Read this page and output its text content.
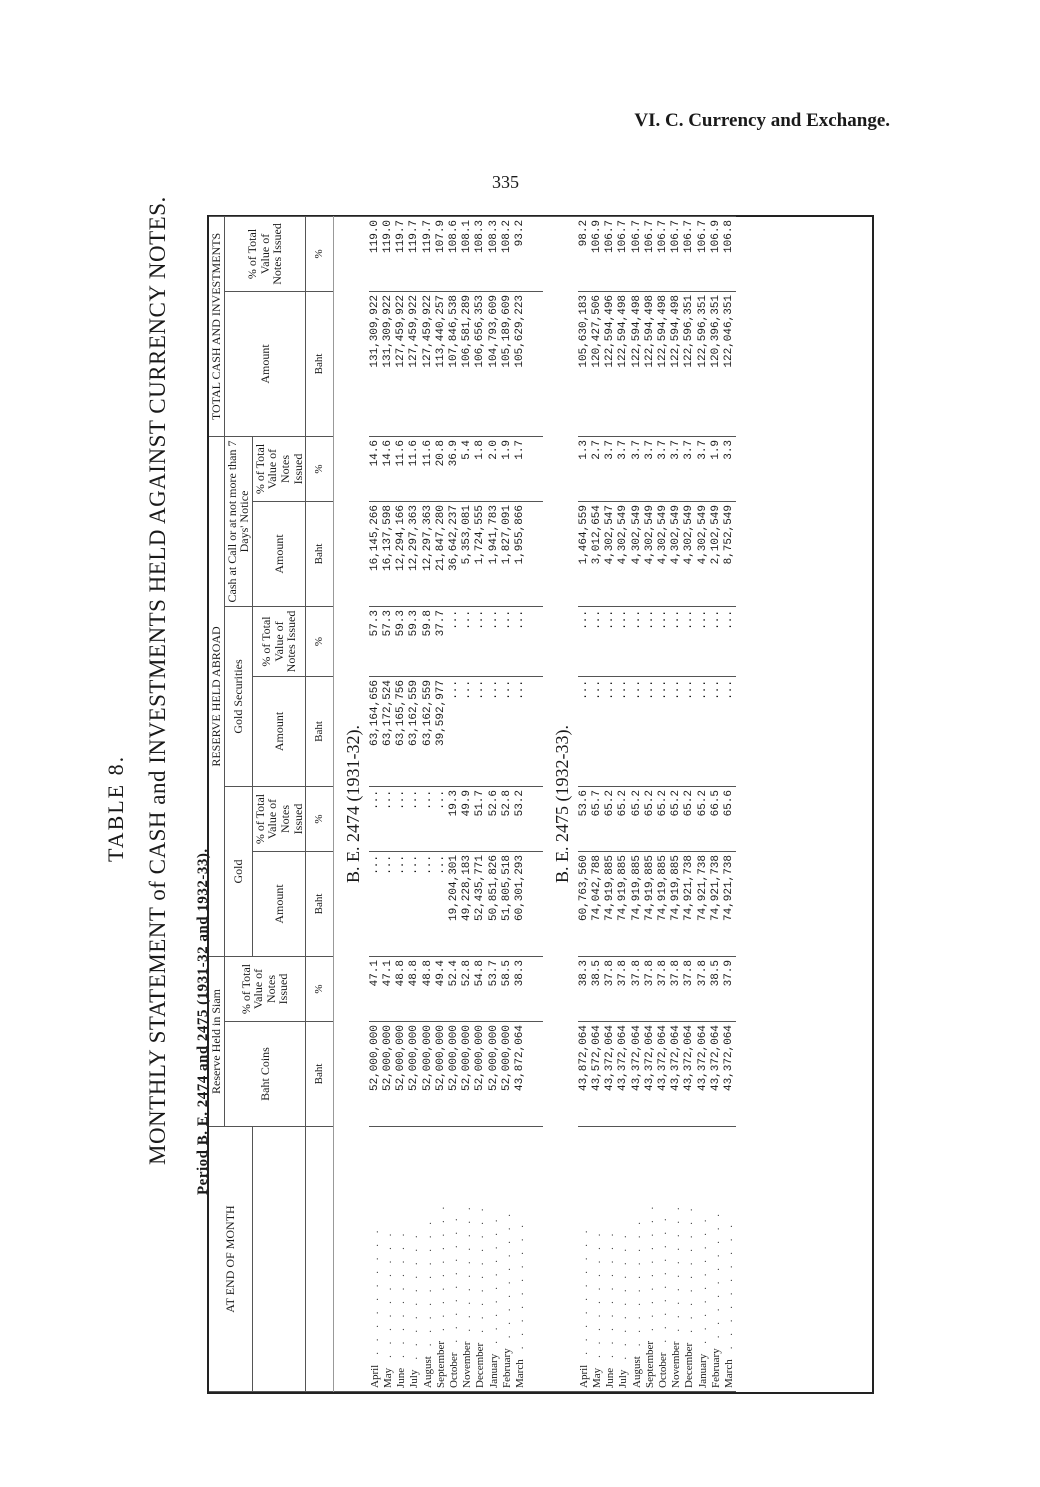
VI. C. Currency and Exchange.
335
TABLE 8. MONTHLY STATEMENT of CASH and INVESTMENTS HELD AGAINST CURRENCY NOTES. Period B. E. 2474 and 2475 (1931-32 and 1932-33).
AT END OF MONTH	Reserve Held in Siam		RESERVE HELD ABROAD						TOTAL CASH AND INVESTMENTS	
	Baht Coins	% of Total Value of Notes Issued	Gold		Gold Securities		Cash at Call or at not more than 7 Days' Notice		Amount	% of Total Value of Notes Issued
			Amount	% of Total Value of Notes Issued	Amount	% of Total Value of Notes Issued	Amount	% of Total Value of Notes Issued		
	Baht	%	Baht	%	Baht	%	Baht	%	Baht	%
B. E. 2474 (1931-32).										
April. . . . . . . . . .	52,000,000	47.1	...	...	63,164,656	57.3	16,145,266	14.6	131,309,922	119.0
May. . . . . . . . . .	52,000,000	47.1	...	...	63,172,524	57.3	16,137,598	14.6	131,309,922	119.0
June. . . . . . . . . .	52,000,000	48.8	...	...	63,165,756	59.3	12,294,166	11.6	127,459,922	119.7
July. . . . . . . . . .	52,000,000	48.8	...	...	63,162,559	59.3	12,297,363	11.6	127,459,922	119.7
August. . . . . . . . . .	52,000,000	48.8	...	...	63,162,559	59.8	12,297,363	11.6	127,459,922	119.7
September. . . . . . . . . .	52,000,000	49.4	...	...	39,592,977	37.7	21,847,280	20.8	113,440,257	107.9
October. . . . . . . . . .	52,000,000	52.4	19,204,301	19.3	...	...	36,642,237	36.9	107,846,538	108.6
November. . . . . . . . . .	52,000,000	52.8	49,228,183	49.9	...	...	5,353,081	5.4	106,581,289	108.1
December. . . . . . . . . .	52,000,000	54.8	52,435,771	51.7	...	...	1,724,555	1.8	106,656,353	108.3
January. . . . . . . . . .	52,000,000	53.7	50,851,826	52.6	...	...	1,941,783	2.0	104,793,609	108.3
February. . . . . . . . . .	52,000,000	58.5	51,805,518	52.8	...	...	1,827,091	1.9	105,189,609	108.2
March. . . . . . . . . .	43,872,064	38.3	60,301,293	53.2	...	...	1,955,866	1.7	105,629,223	93.2

B. E. 2475 (1932-33).										
April. . . . . . . . . .	43,872,064	38.3	60,763,560	53.6	...	...	1,464,559	1.3	105,630,183	98.2
May. . . . . . . . . .	43,572,064	38.5	74,042,788	65.7	...	...	3,012,654	2.7	120,427,506	106.9
June. . . . . . . . . .	43,372,064	37.8	74,919,885	65.2	...	...	4,302,547	3.7	122,594,496	106.7
July. . . . . . . . . .	43,372,064	37.8	74,919,885	65.2	...	...	4,302,549	3.7	122,594,498	106.7
August. . . . . . . . . .	43,372,064	37.8	74,919,885	65.2	...	...	4,302,549	3.7	122,594,498	106.7
September. . . . . . . . . .	43,372,064	37.8	74,919,885	65.2	...	...	4,302,549	3.7	122,594,498	106.7
October. . . . . . . . . .	43,372,064	37.8	74,919,885	65.2	...	...	4,302,549	3.7	122,594,498	106.7
November. . . . . . . . . .	43,372,064	37.8	74,919,885	65.2	...	...	4,302,549	3.7	122,594,498	106.7
December. . . . . . . . . .	43,372,064	37.8	74,921,738	65.2	...	...	4,302,549	3.7	122,596,351	106.7
January. . . . . . . . . .	43,372,064	37.8	74,921,738	65.2	...	...	4,302,549	3.7	122,596,351	106.7
February. . . . . . . . . .	43,372,064	38.5	74,921,738	66.5	...	...	2,102,549	1.9	120,396,351	106.9
March. . . . . . . . . .	43,372,064	37.9	74,921,738	65.6	...	...	8,752,549	3.3	122,046,351	106.8
